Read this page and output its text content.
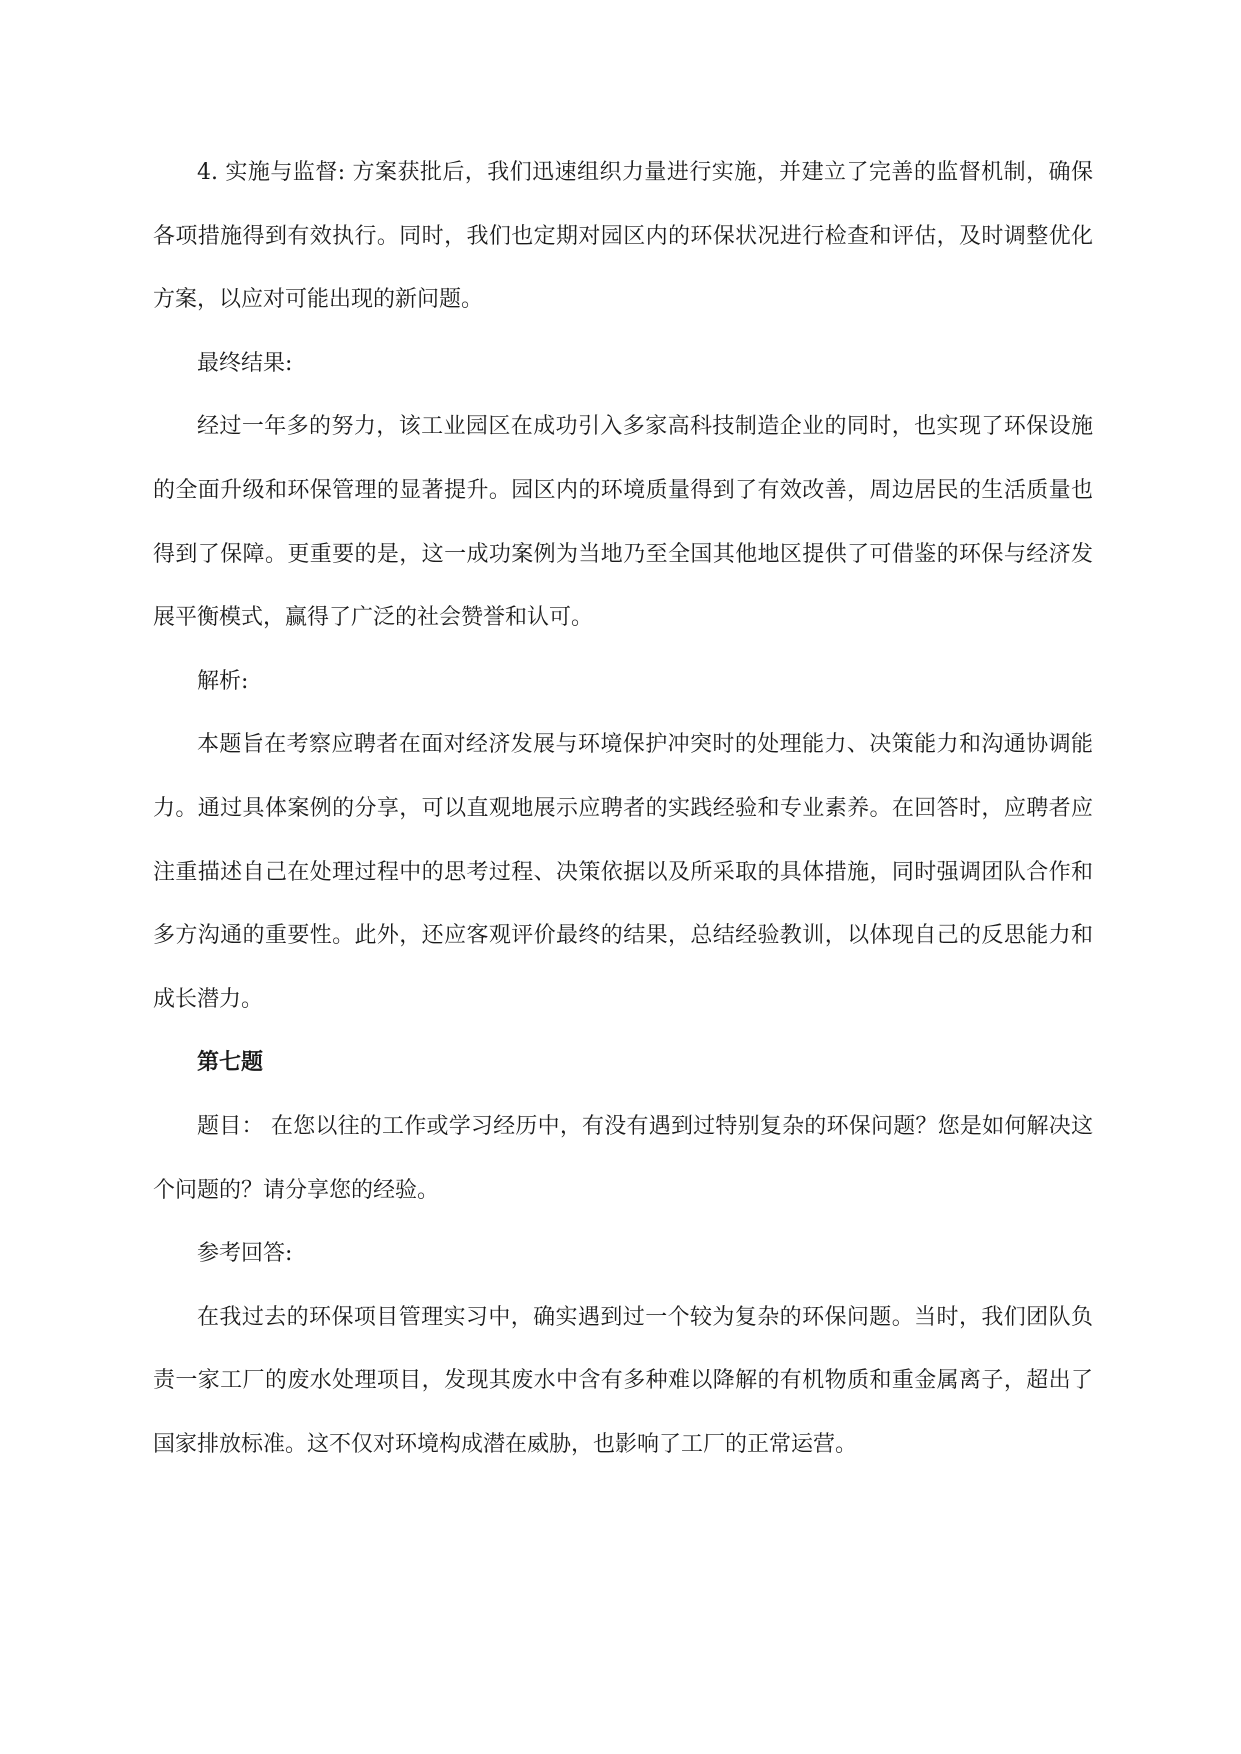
4. 实施与监督: 方案获批后，我们迅速组织力量进行实施，并建立了完善的监督机制，确保各项措施得到有效执行。同时，我们也定期对园区内的环保状况进行检查和评估，及时调整优化方案，以应对可能出现的新问题。

最终结果:

经过一年多的努力，该工业园区在成功引入多家高科技制造企业的同时，也实现了环保设施的全面升级和环保管理的显著提升。园区内的环境质量得到了有效改善，周边居民的生活质量也得到了保障。更重要的是，这一成功案例为当地乃至全国其他地区提供了可借鉴的环保与经济发展平衡模式，赢得了广泛的社会赞誉和认可。

解析:

本题旨在考察应聘者在面对经济发展与环境保护冲突时的处理能力、决策能力和沟通协调能力。通过具体案例的分享，可以直观地展示应聘者的实践经验和专业素养。在回答时，应聘者应注重描述自己在处理过程中的思考过程、决策依据以及所采取的具体措施，同时强调团队合作和多方沟通的重要性。此外，还应客观评价最终的结果，总结经验教训，以体现自己的反思能力和成长潜力。

第七题

题目： 在您以往的工作或学习经历中，有没有遇到过特别复杂的环保问题？您是如何解决这个问题的？请分享您的经验。

参考回答:

在我过去的环保项目管理实习中，确实遇到过一个较为复杂的环保问题。当时，我们团队负责一家工厂的废水处理项目，发现其废水中含有多种难以降解的有机物质和重金属离子，超出了国家排放标准。这不仅对环境构成潜在威胁，也影响了工厂的正常运营。
